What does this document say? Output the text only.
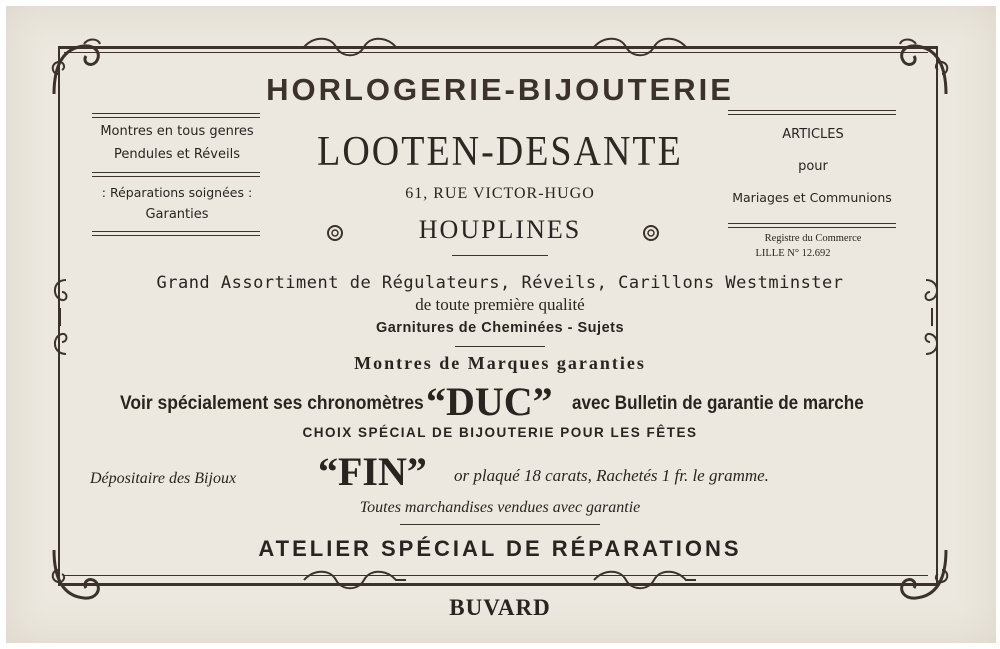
HORLOGERIE-BIJOUTERIE
Montres en tous genres
Pendules et Réveils
: Réparations soignées :
Garanties
LOOTEN-DESANTE
61, RUE VICTOR-HUGO
HOUPLINES
ARTICLES
pour
Mariages et Communions
Registre du Commerce
LILLE N° 12.692
Grand Assortiment de Régulateurs, Réveils, Carillons Westminster
de toute première qualité
Garnitures de Cheminées - Sujets
Montres de Marques garanties
Voir spécialement ses chronomètres “DUC” avec Bulletin de garantie de marche
CHOIX SPÉCIAL DE BIJOUTERIE POUR LES FÊTES
Dépositaire des Bijoux “FIN” or plaqué 18 carats, Rachetés 1 fr. le gramme.
Toutes marchandises vendues avec garantie
ATELIER SPÉCIAL DE RÉPARATIONS
BUVARD
